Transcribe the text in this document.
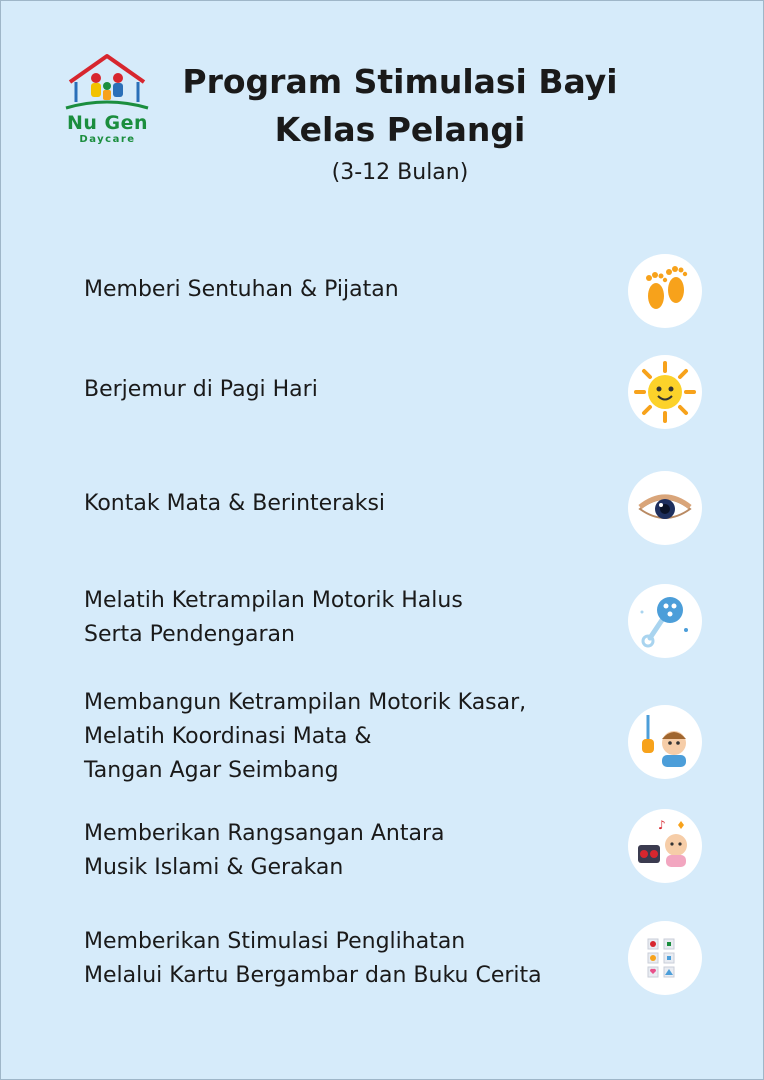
Nu Gen
Daycare
Program Stimulasi Bayi
Kelas Pelangi
(3-12 Bulan)
Memberi Sentuhan & Pijatan
Berjemur di Pagi Hari
Kontak Mata & Berinteraksi
Melatih Ketrampilan Motorik Halus
Serta Pendengaran
Membangun Ketrampilan Motorik Kasar,
Melatih Koordinasi Mata &
Tangan Agar Seimbang
Memberikan Rangsangan Antara
Musik Islami & Gerakan
♪
Memberikan Stimulasi Penglihatan
Melalui Kartu Bergambar dan Buku Cerita
